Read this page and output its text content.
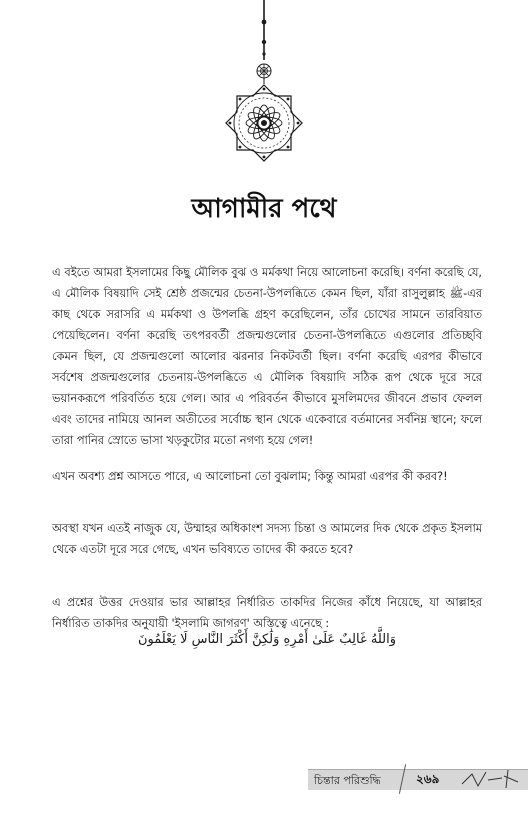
আগামীর পথে

এ বইতে আমরা ইসলামের কিছু মৌলিক বুঝ ও মর্মকথা নিয়ে আলোচনা করেছি। বর্ণনা করেছি যে, এ মৌলিক বিষয়াদি সেই শ্রেষ্ঠ প্রজন্মের চেতনা-উপলব্ধিতে কেমন ছিল, যাঁরা রাসুলুল্লাহ ﷺ-এর কাছ থেকে সরাসরি এ মর্মকথা ও উপলব্ধি গ্রহণ করেছিলেন, তাঁর চোখের সামনে তারবিয়াত পেয়েছিলেন। বর্ণনা করেছি তৎপরবর্তী প্রজন্মগুলোর চেতনা-উপলব্ধিতে এগুলোর প্রতিচ্ছবি কেমন ছিল, যে প্রজন্মগুলো আলোর ঝরনার নিকটবর্তী ছিল। বর্ণনা করেছি এরপর কীভাবে সর্বশেষ প্রজন্মগুলোর চেতনায়-উপলব্ধিতে এ মৌলিক বিষয়াদি সঠিক রূপ থেকে দূরে সরে ভয়ানকরূপে পরিবর্তিত হয়ে গেল। আর এ পরিবর্তন কীভাবে মুসলিমদের জীবনে প্রভাব ফেলল এবং তাদের নামিয়ে আনল অতীতের সর্বোচ্চ স্থান থেকে একেবারে বর্তমানের সর্বনিম্ন স্থানে; ফলে তারা পানির স্রোতে ভাসা খড়কুটোর মতো নগণ্য হয়ে গেল!

এখন অবশ্য প্রশ্ন আসতে পারে, এ আলোচনা তো বুঝলাম; কিন্তু আমরা এরপর কী করব?!

অবস্থা যখন এতই নাজুক যে, উম্মাহর অধিকাংশ সদস্য চিন্তা ও আমলের দিক থেকে প্রকৃত ইসলাম থেকে এতটা দূরে সরে গেছে, এখন ভবিষ্যতে তাদের কী করতে হবে?

এ প্রশ্নের উত্তর দেওয়ার ভার আল্লাহর নির্ধারিত তাকদির নিজের কাঁধে নিয়েছে, যা আল্লাহর নির্ধারিত তাকদির অনুযায়ী 'ইসলামি জাগরণ' অস্তিত্বে এনেছে :

وَاللَّهُ غَالِبٌ عَلَىٰ أَمْرِهِ وَلَٰكِنَّ أَكْثَرَ النَّاسِ لَا يَعْلَمُونَ
চিন্তার পরিশুদ্ধি	২৬৯
